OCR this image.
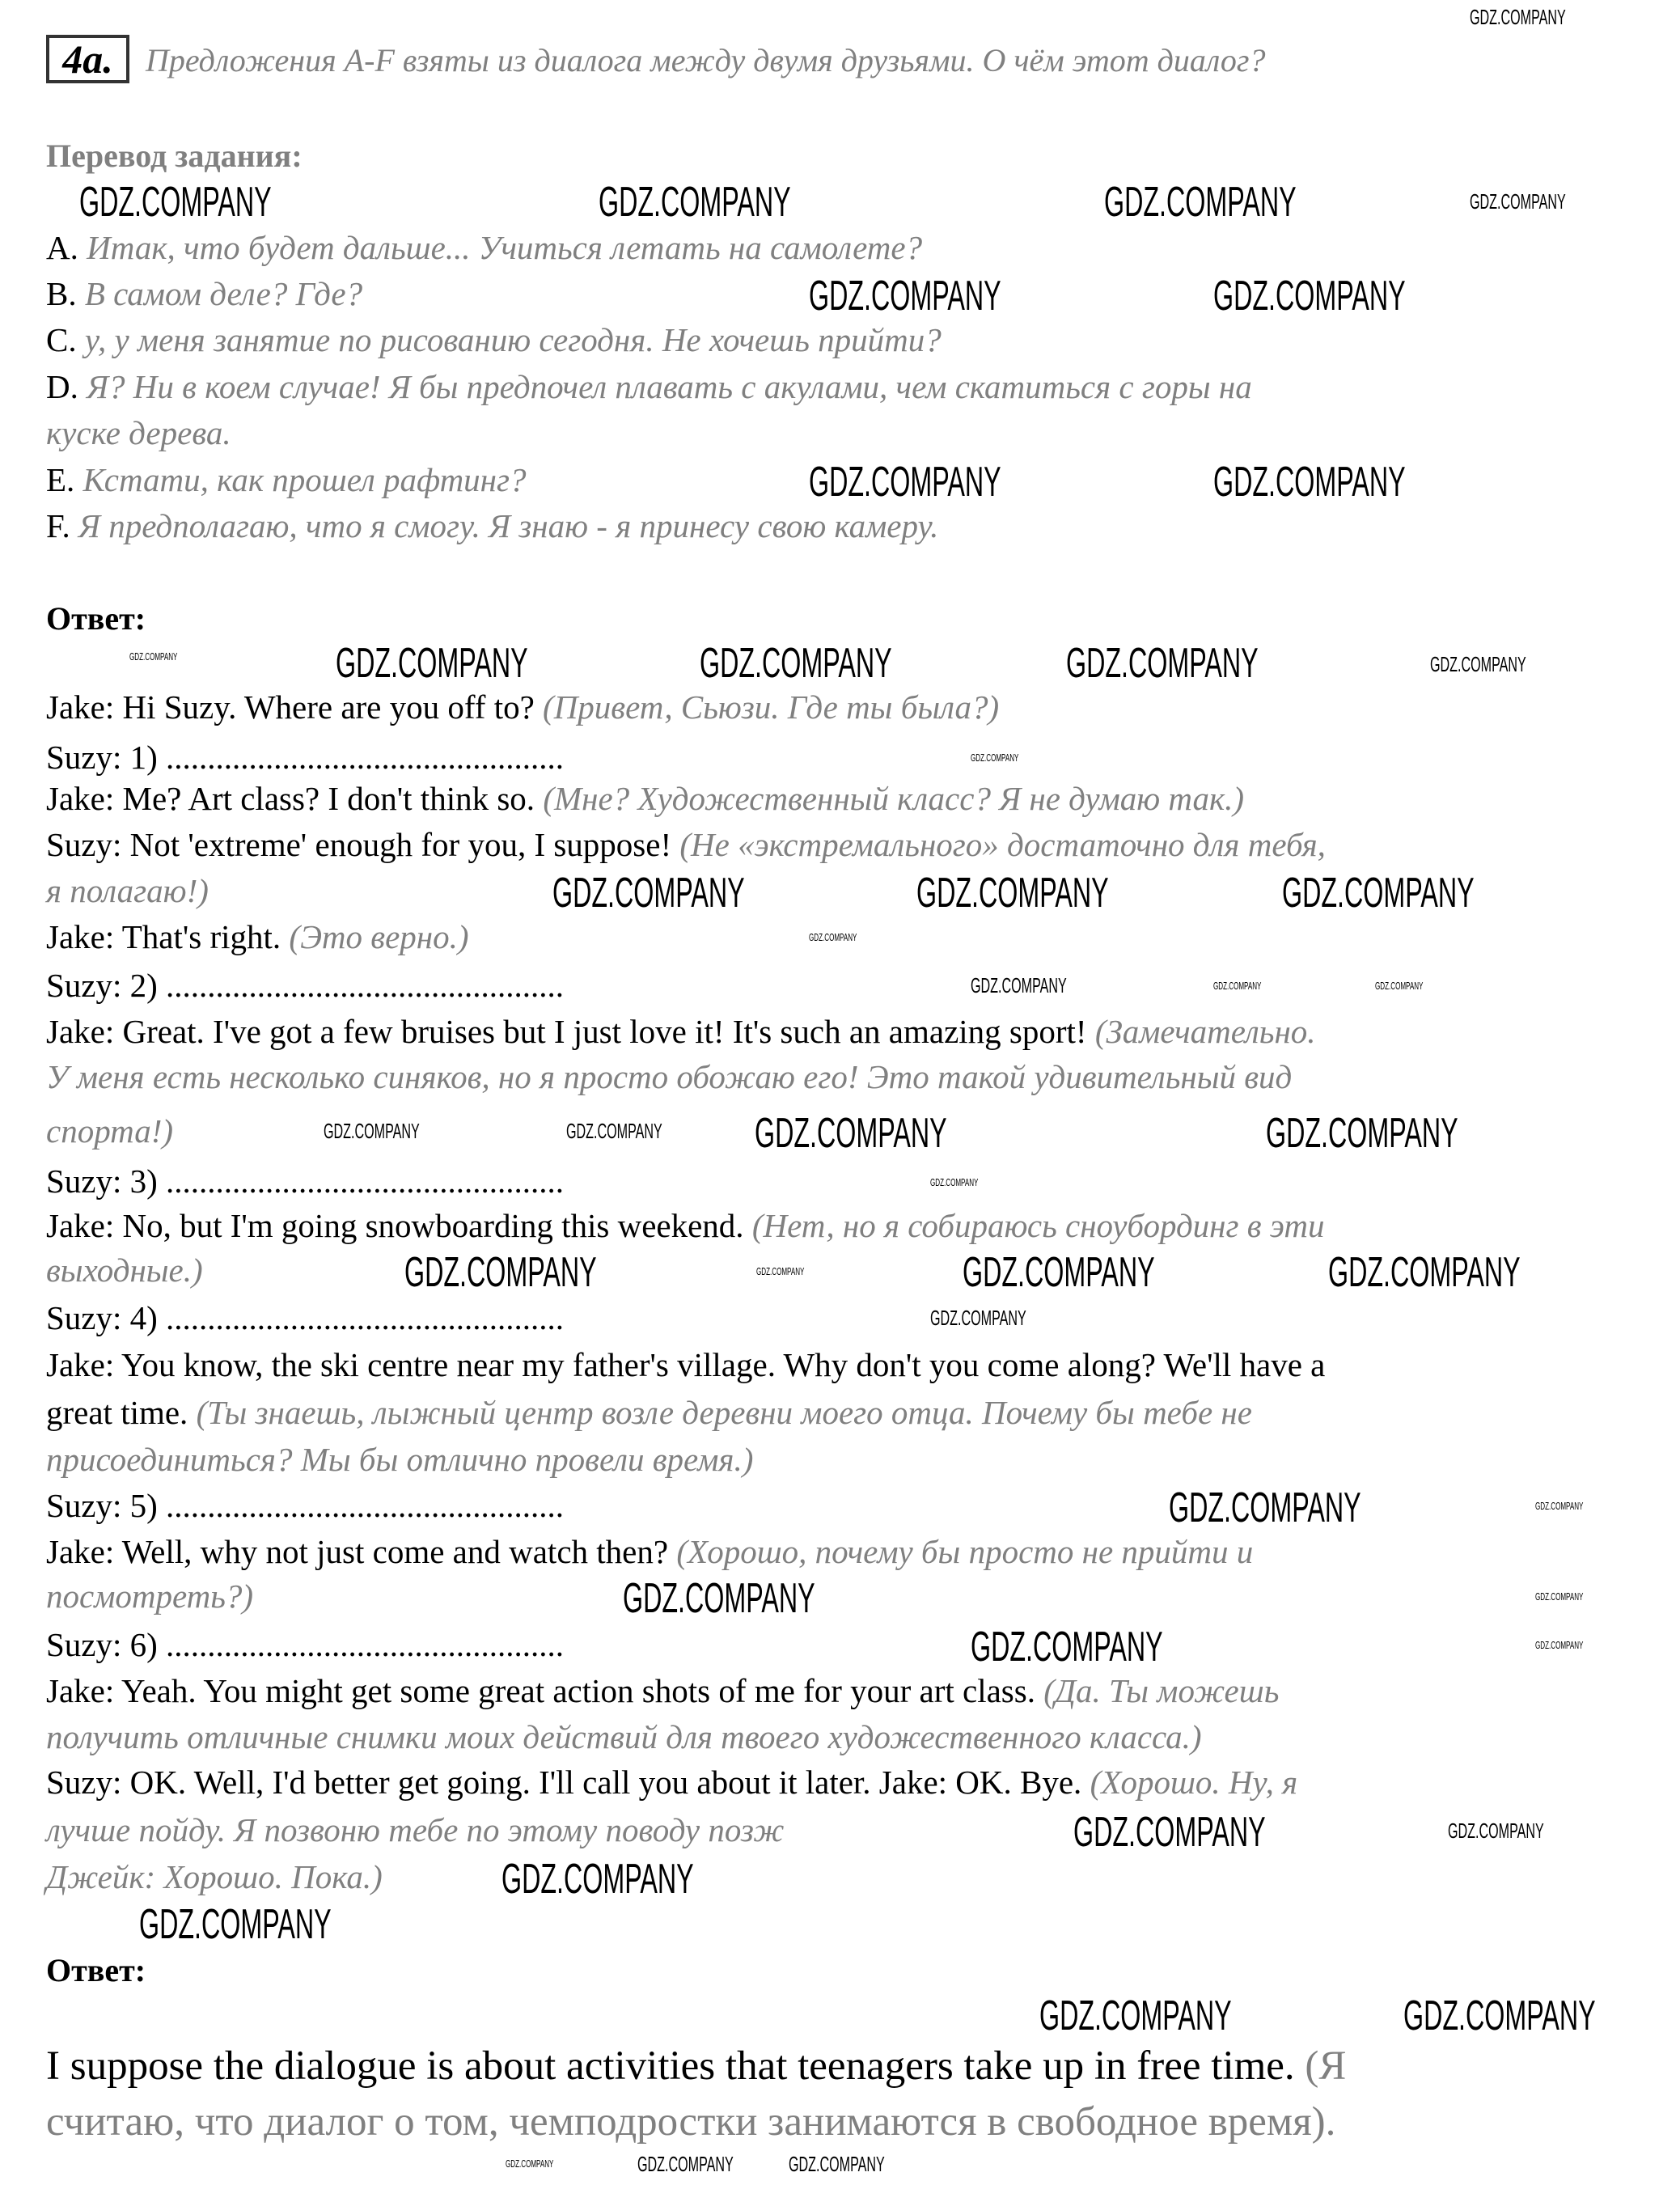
4a.	Предложения A-F взяты из диалога между двумя друзьями. О чём этот диалог?
Перевод задания:
A. Итак, что будет дальше... Учиться летать на самолете?
B. В самом деле? Где?
C. у, у меня занятие по рисованию сегодня. Не хочешь прийти?
D. Я? Ни в коем случае! Я бы предпочел плавать с акулами, чем скатиться с горы на
куске дерева.
E. Кстати, как прошел рафтинг?
F. Я предполагаю, что я смогу. Я знаю - я принесу свою камеру.
Ответ:
Jake: Hi Suzy. Where are you off to? (Привет, Сьюзи. Где ты была?)
Suzy: 1) ................................................
Jake: Me? Art class? I don't think so. (Мне? Художественный класс? Я не думаю так.)
Suzy: Not 'extreme' enough for you, I suppose! (Не «экстремального» достаточно для тебя,
я полагаю!)
Jake: That's right. (Это верно.)
Suzy: 2) ................................................
Jake: Great. I've got a few bruises but I just love it! It's such an amazing sport! (Замечательно.
У меня есть несколько синяков, но я просто обожаю его! Это такой удивительный вид
спорта!)
Suzy: 3) ................................................
Jake: No, but I'm going snowboarding this weekend. (Нет, но я собираюсь сноубординг в эти
выходные.)
Suzy: 4) ................................................
Jake: You know, the ski centre near my father's village. Why don't you come along? We'll have a
great time. (Ты знаешь, лыжный центр возле деревни моего отца. Почему бы тебе не
присоединиться? Мы бы отлично провели время.)
Suzy: 5) ................................................
Jake: Well, why not just come and watch then? (Хорошо, почему бы просто не прийти и
посмотреть?)
Suzy: 6) ................................................
Jake: Yeah. You might get some great action shots of me for your art class. (Да. Ты можешь
получить отличные снимки моих действий для твоего художественного класса.)
Suzy: OK. Well, I'd better get going. I'll call you about it later. Jake: OK. Bye. (Хорошо. Ну, я
лучше пойду. Я позвоню тебе по этому поводу позж
Джейк: Хорошо. Пока.)
Ответ:
I suppose the dialogue is about activities that teenagers take up in free time. (Я
считаю, что диалог о том, чемподростки занимаются в свободное время).
GDZ.COMPANY
GDZ.COMPANY	GDZ.COMPANY	GDZ.COMPANY	GDZ.COMPANY
GDZ.COMPANY	GDZ.COMPANY
GDZ.COMPANY	GDZ.COMPANY
GDZ.COMPANY	GDZ.COMPANY	GDZ.COMPANY	GDZ.COMPANY	GDZ.COMPANY
GDZ.COMPANY
GDZ.COMPANY
GDZ.COMPANY	GDZ.COMPANY	GDZ.COMPANY
GDZ.COMPANY	GDZ.COMPANY
GDZ.COMPANY
GDZ.COMPANY	GDZ.COMPANY GDZ.COMPANY	GDZ.COMPANY
GDZ.COMPANY
GDZ.COMPANY	GDZ.COMPANY	GDZ.COMPANY	GDZ.COMPANY
GDZ.COMPANY
GDZ.COMPANY	GDZ.COMPANY
GDZ.COMPANY	GDZ.COMPANY
GDZ.COMPANY
GDZ.COMPANY
GDZ.COMPANY
GDZ.COMPANY
GDZ.COMPANY
GDZ.COMPANY
GDZ.COMPANY	GDZ.COMPANY
GDZ.COMPANY	GDZ.COMPANY	GDZ.COMPANY
